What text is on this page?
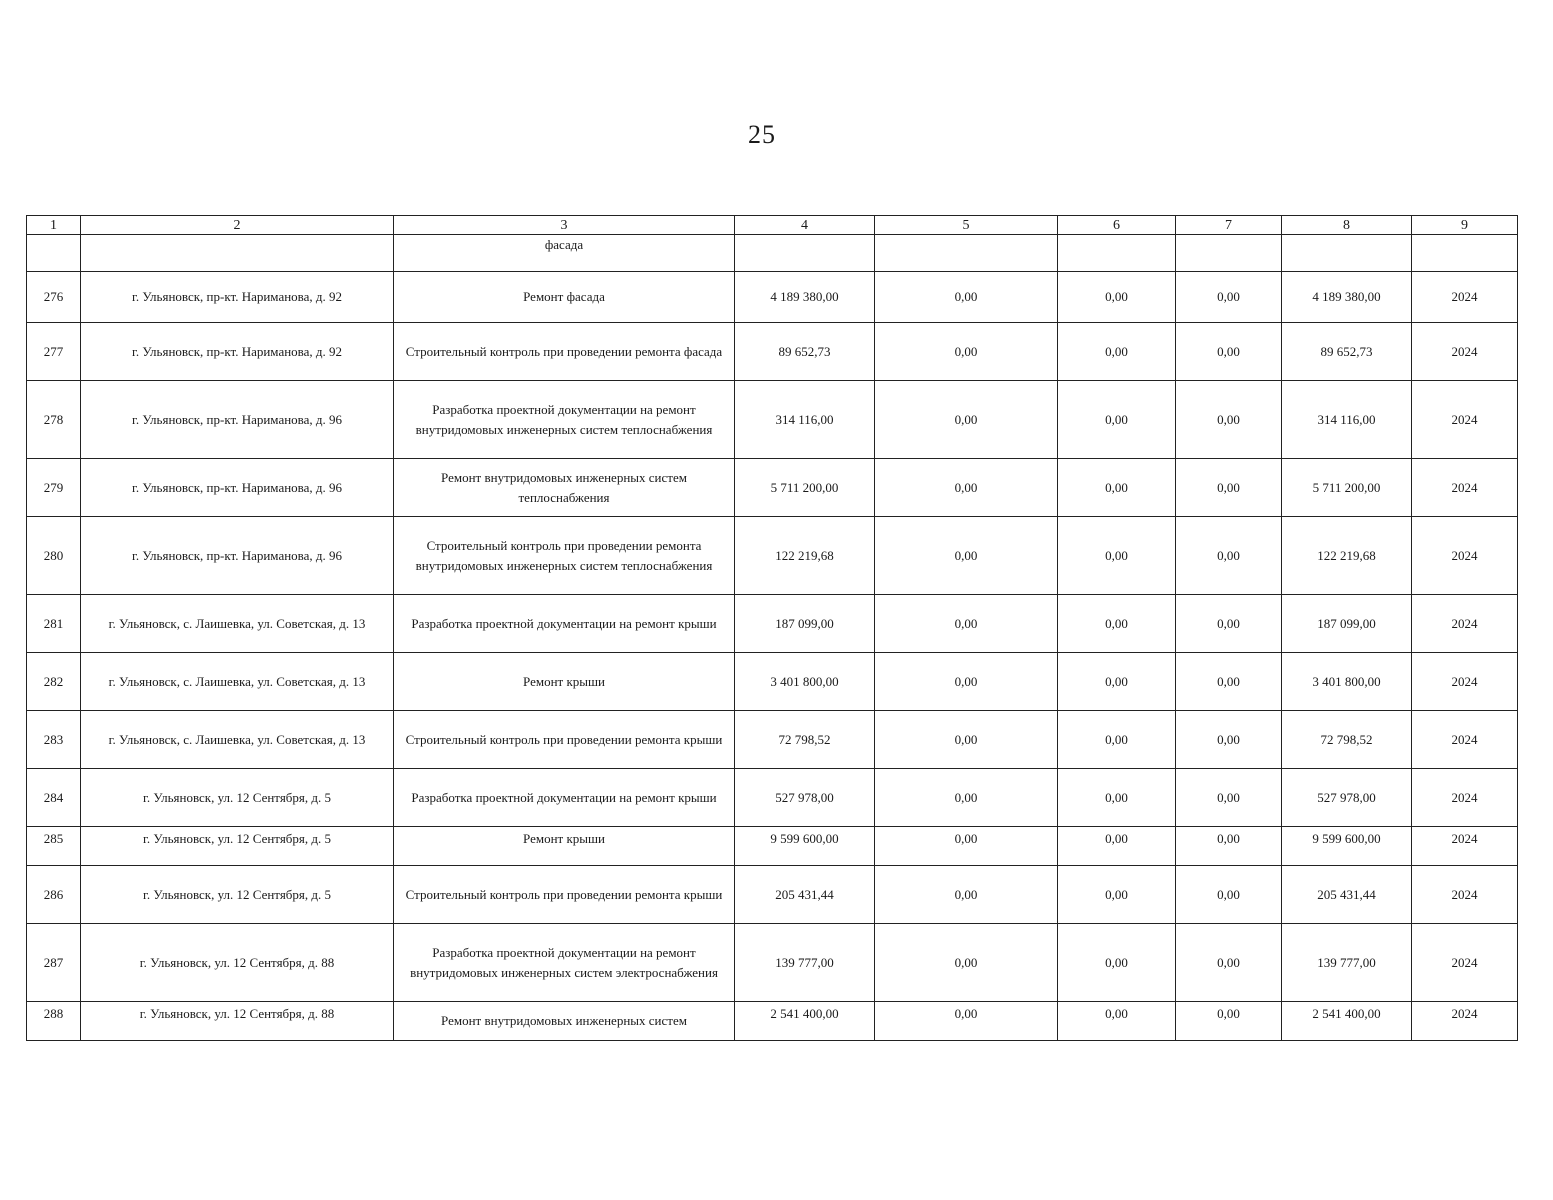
25
1	2	3	4	5	6	7	8	9
		фасада						
276	г. Ульяновск, пр-кт. Нариманова, д. 92	Ремонт фасада	4 189 380,00	0,00	0,00	0,00	4 189 380,00	2024
277	г. Ульяновск, пр-кт. Нариманова, д. 92	Строительный контроль при проведении ремонта фасада	89 652,73	0,00	0,00	0,00	89 652,73	2024
278	г. Ульяновск, пр-кт. Нариманова, д. 96	Разработка проектной документации на ремонт внутридомовых инженерных систем теплоснабжения	314 116,00	0,00	0,00	0,00	314 116,00	2024
279	г. Ульяновск, пр-кт. Нариманова, д. 96	Ремонт внутридомовых инженерных систем теплоснабжения	5 711 200,00	0,00	0,00	0,00	5 711 200,00	2024
280	г. Ульяновск, пр-кт. Нариманова, д. 96	Строительный контроль при проведении ремонта внутридомовых инженерных систем теплоснабжения	122 219,68	0,00	0,00	0,00	122 219,68	2024
281	г. Ульяновск, с. Лаишевка, ул. Советская, д. 13	Разработка проектной документации на ремонт крыши	187 099,00	0,00	0,00	0,00	187 099,00	2024
282	г. Ульяновск, с. Лаишевка, ул. Советская, д. 13	Ремонт крыши	3 401 800,00	0,00	0,00	0,00	3 401 800,00	2024
283	г. Ульяновск, с. Лаишевка, ул. Советская, д. 13	Строительный контроль при проведении ремонта крыши	72 798,52	0,00	0,00	0,00	72 798,52	2024
284	г. Ульяновск, ул. 12 Сентября, д. 5	Разработка проектной документации на ремонт крыши	527 978,00	0,00	0,00	0,00	527 978,00	2024
285	г. Ульяновск, ул. 12 Сентября, д. 5	Ремонт крыши	9 599 600,00	0,00	0,00	0,00	9 599 600,00	2024
286	г. Ульяновск, ул. 12 Сентября, д. 5	Строительный контроль при проведении ремонта крыши	205 431,44	0,00	0,00	0,00	205 431,44	2024
287	г. Ульяновск, ул. 12 Сентября, д. 88	Разработка проектной документации на ремонт внутридомовых инженерных систем электроснабжения	139 777,00	0,00	0,00	0,00	139 777,00	2024
288	г. Ульяновск, ул. 12 Сентября, д. 88	Ремонт внутридомовых инженерных систем	2 541 400,00	0,00	0,00	0,00	2 541 400,00	2024
